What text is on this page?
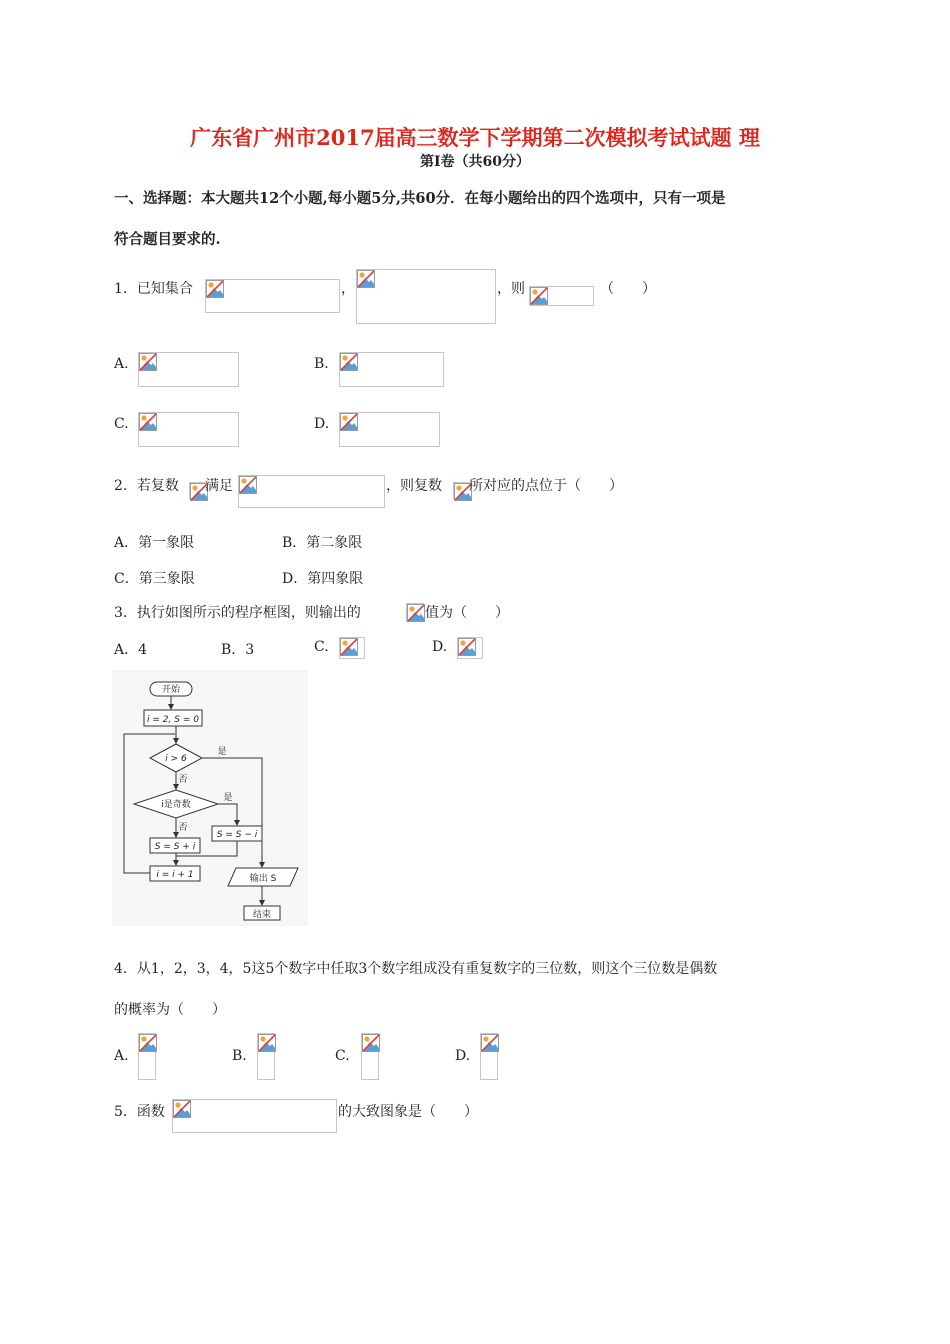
广东省广州市2017届高三数学下学期第二次模拟考试试题 理
第Ⅰ卷（共60分）
一、选择题：本大题共12个小题,每小题5分,共60分．在每小题给出的四个选项中，只有一项是
符合题目要求的.
1．已知集合	，	，则	（　　）
A.	B.
C.	D.
2．若复数 满足	，则复数 所对应的点位于（　　）
A．第一象限	B．第二象限
C．第三象限	D．第四象限
3．执行如图所示的程序框图，则输出的	值为（　　）
A．4	B．3	C.	D.
开始
i = 2, S = 0
i > 6
是
否
i是奇数
是
否
S = S − i
S = S + i
i = i + 1	输出 S
结束
4．从1，2，3，4，5这5个数字中任取3个数字组成没有重复数字的三位数，则这个三位数是偶数
的概率为（　　）
A.	B.	C.	D.
5．函数	的大致图象是（　　）
